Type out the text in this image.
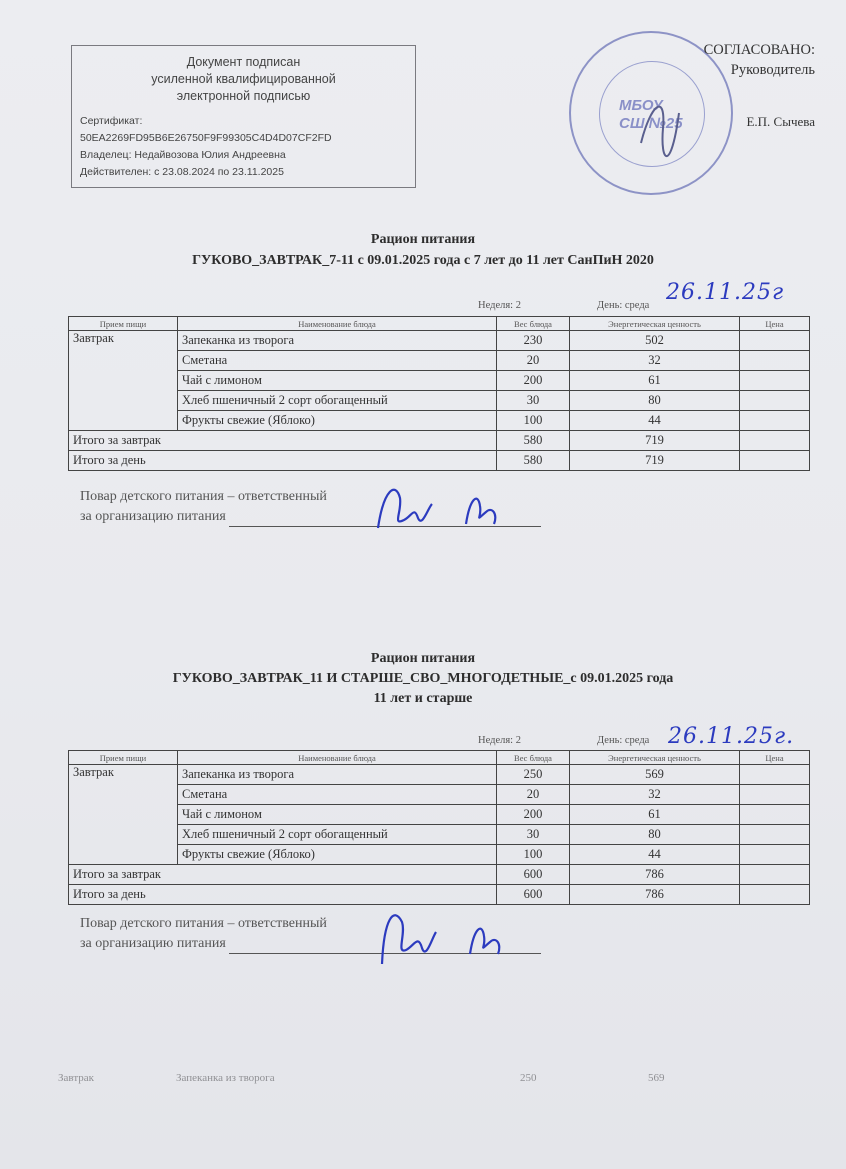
Документ подписан
усиленной квалифицированной
электронной подписью
Сертификат:
50EA2269FD95B6E26750F9F99305C4D4D07CF2FD
Владелец: Недайвозова Юлия Андреевна
Действителен: с 23.08.2024 по 23.11.2025
МБОУ СШ №25
СОГЛАСОВАНО:
Руководитель
Е.П. Сычева
Рацион питания
ГУКОВО_ЗАВТРАК_7-11 с 09.01.2025 года с 7 лет до 11 лет СанПиН 2020
Неделя: 2	День: среда
26.11.25г
Прием пищи	Наименование блюда	Вес блюда	Энергетическая ценность	Цена
Завтрак	Запеканка из творога	230	502	
	Сметана	20	32	
	Чай с лимоном	200	61	
	Хлеб пшеничный 2 сорт обогащенный	30	80	
	Фрукты свежие (Яблоко)	100	44	
Итого за завтрак		580	719	
Итого за день		580	719	
Повар детского питания – ответственный
за организацию питания
Рацион питания
ГУКОВО_ЗАВТРАК_11 И СТАРШЕ_СВО_МНОГОДЕТНЫЕ_с 09.01.2025 года
11 лет и старше
Неделя: 2	День: среда 26.11.25г.
Прием пищи	Наименование блюда	Вес блюда	Энергетическая ценность	Цена
Завтрак	Запеканка из творога	250	569	
	Сметана	20	32	
	Чай с лимоном	200	61	
	Хлеб пшеничный 2 сорт обогащенный	30	80	
	Фрукты свежие (Яблоко)	100	44	
Итого за завтрак		600	786	
Итого за день		600	786	
Повар детского питания – ответственный
за организацию питания
Завтрак	Запеканка из творога	250	569
